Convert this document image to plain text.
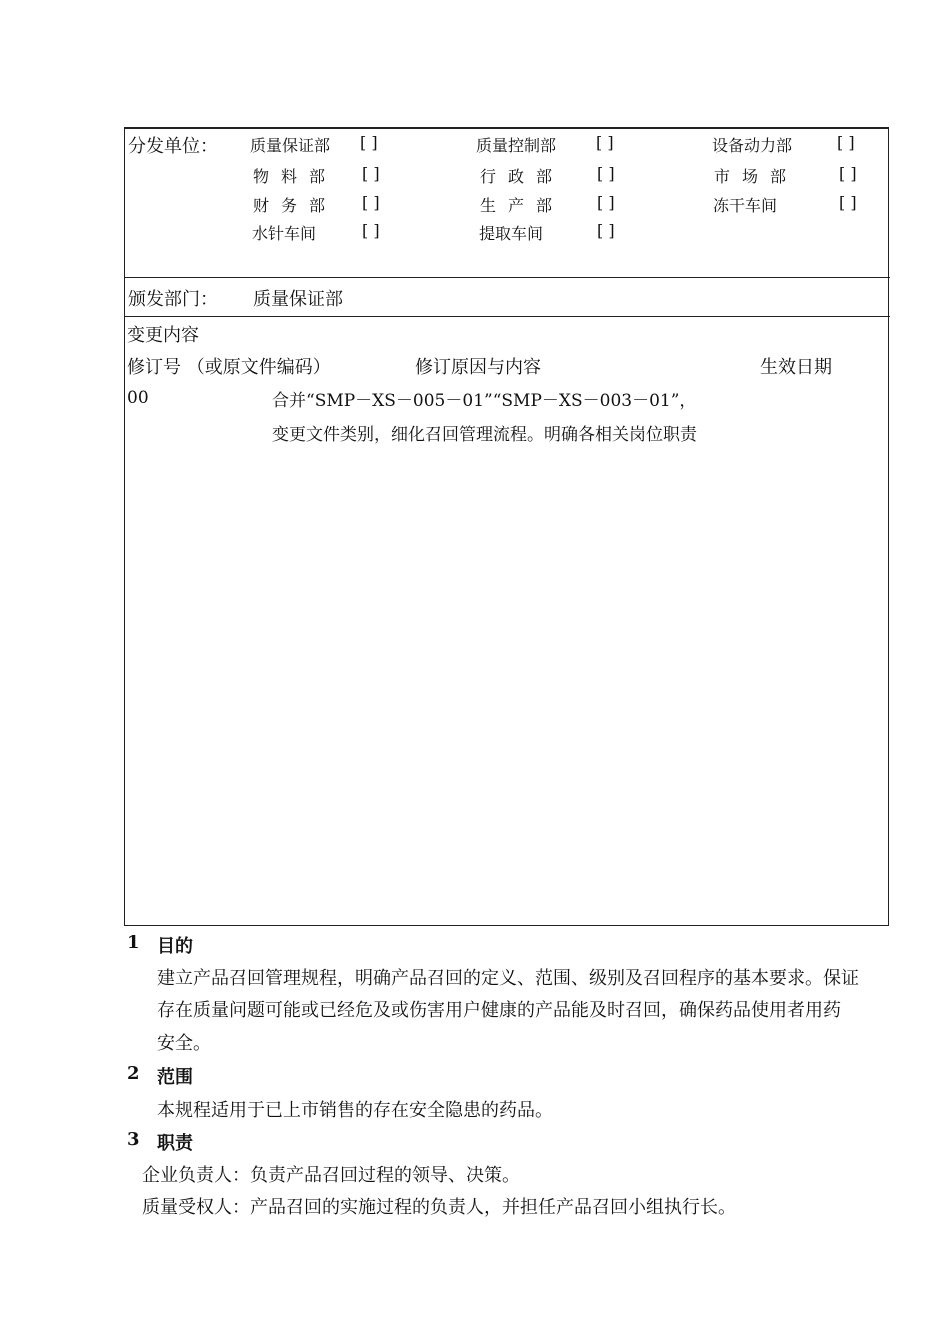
分发单位： 质量保证部 [ ]	质量控制部 [ ]	设备动力部	[ ]
物料部 [ ]	行政部 [ ]	市场部	[ ]
财务部 [ ]	生产部 [ ]	冻干车间	[ ]
水针车间	[ ]	提取车间	[ ]
颁发部门： 质量保证部
变更内容
修订号 （或原文件编码）	修订原因与内容	生效日期
00	合并“SMP－XS－005－01”“SMP－XS－003－01”，
变更文件类别，细化召回管理流程。明确各相关岗位职责
1 目的
建立产品召回管理规程，明确产品召回的定义、范围、级别及召回程序的基本要求。保证
存在质量问题可能或已经危及或伤害用户健康的产品能及时召回，确保药品使用者用药
安全。
2 范围
本规程适用于已上市销售的存在安全隐患的药品。
3 职责
企业负责人：负责产品召回过程的领导、决策。
质量受权人：产品召回的实施过程的负责人，并担任产品召回小组执行长。
